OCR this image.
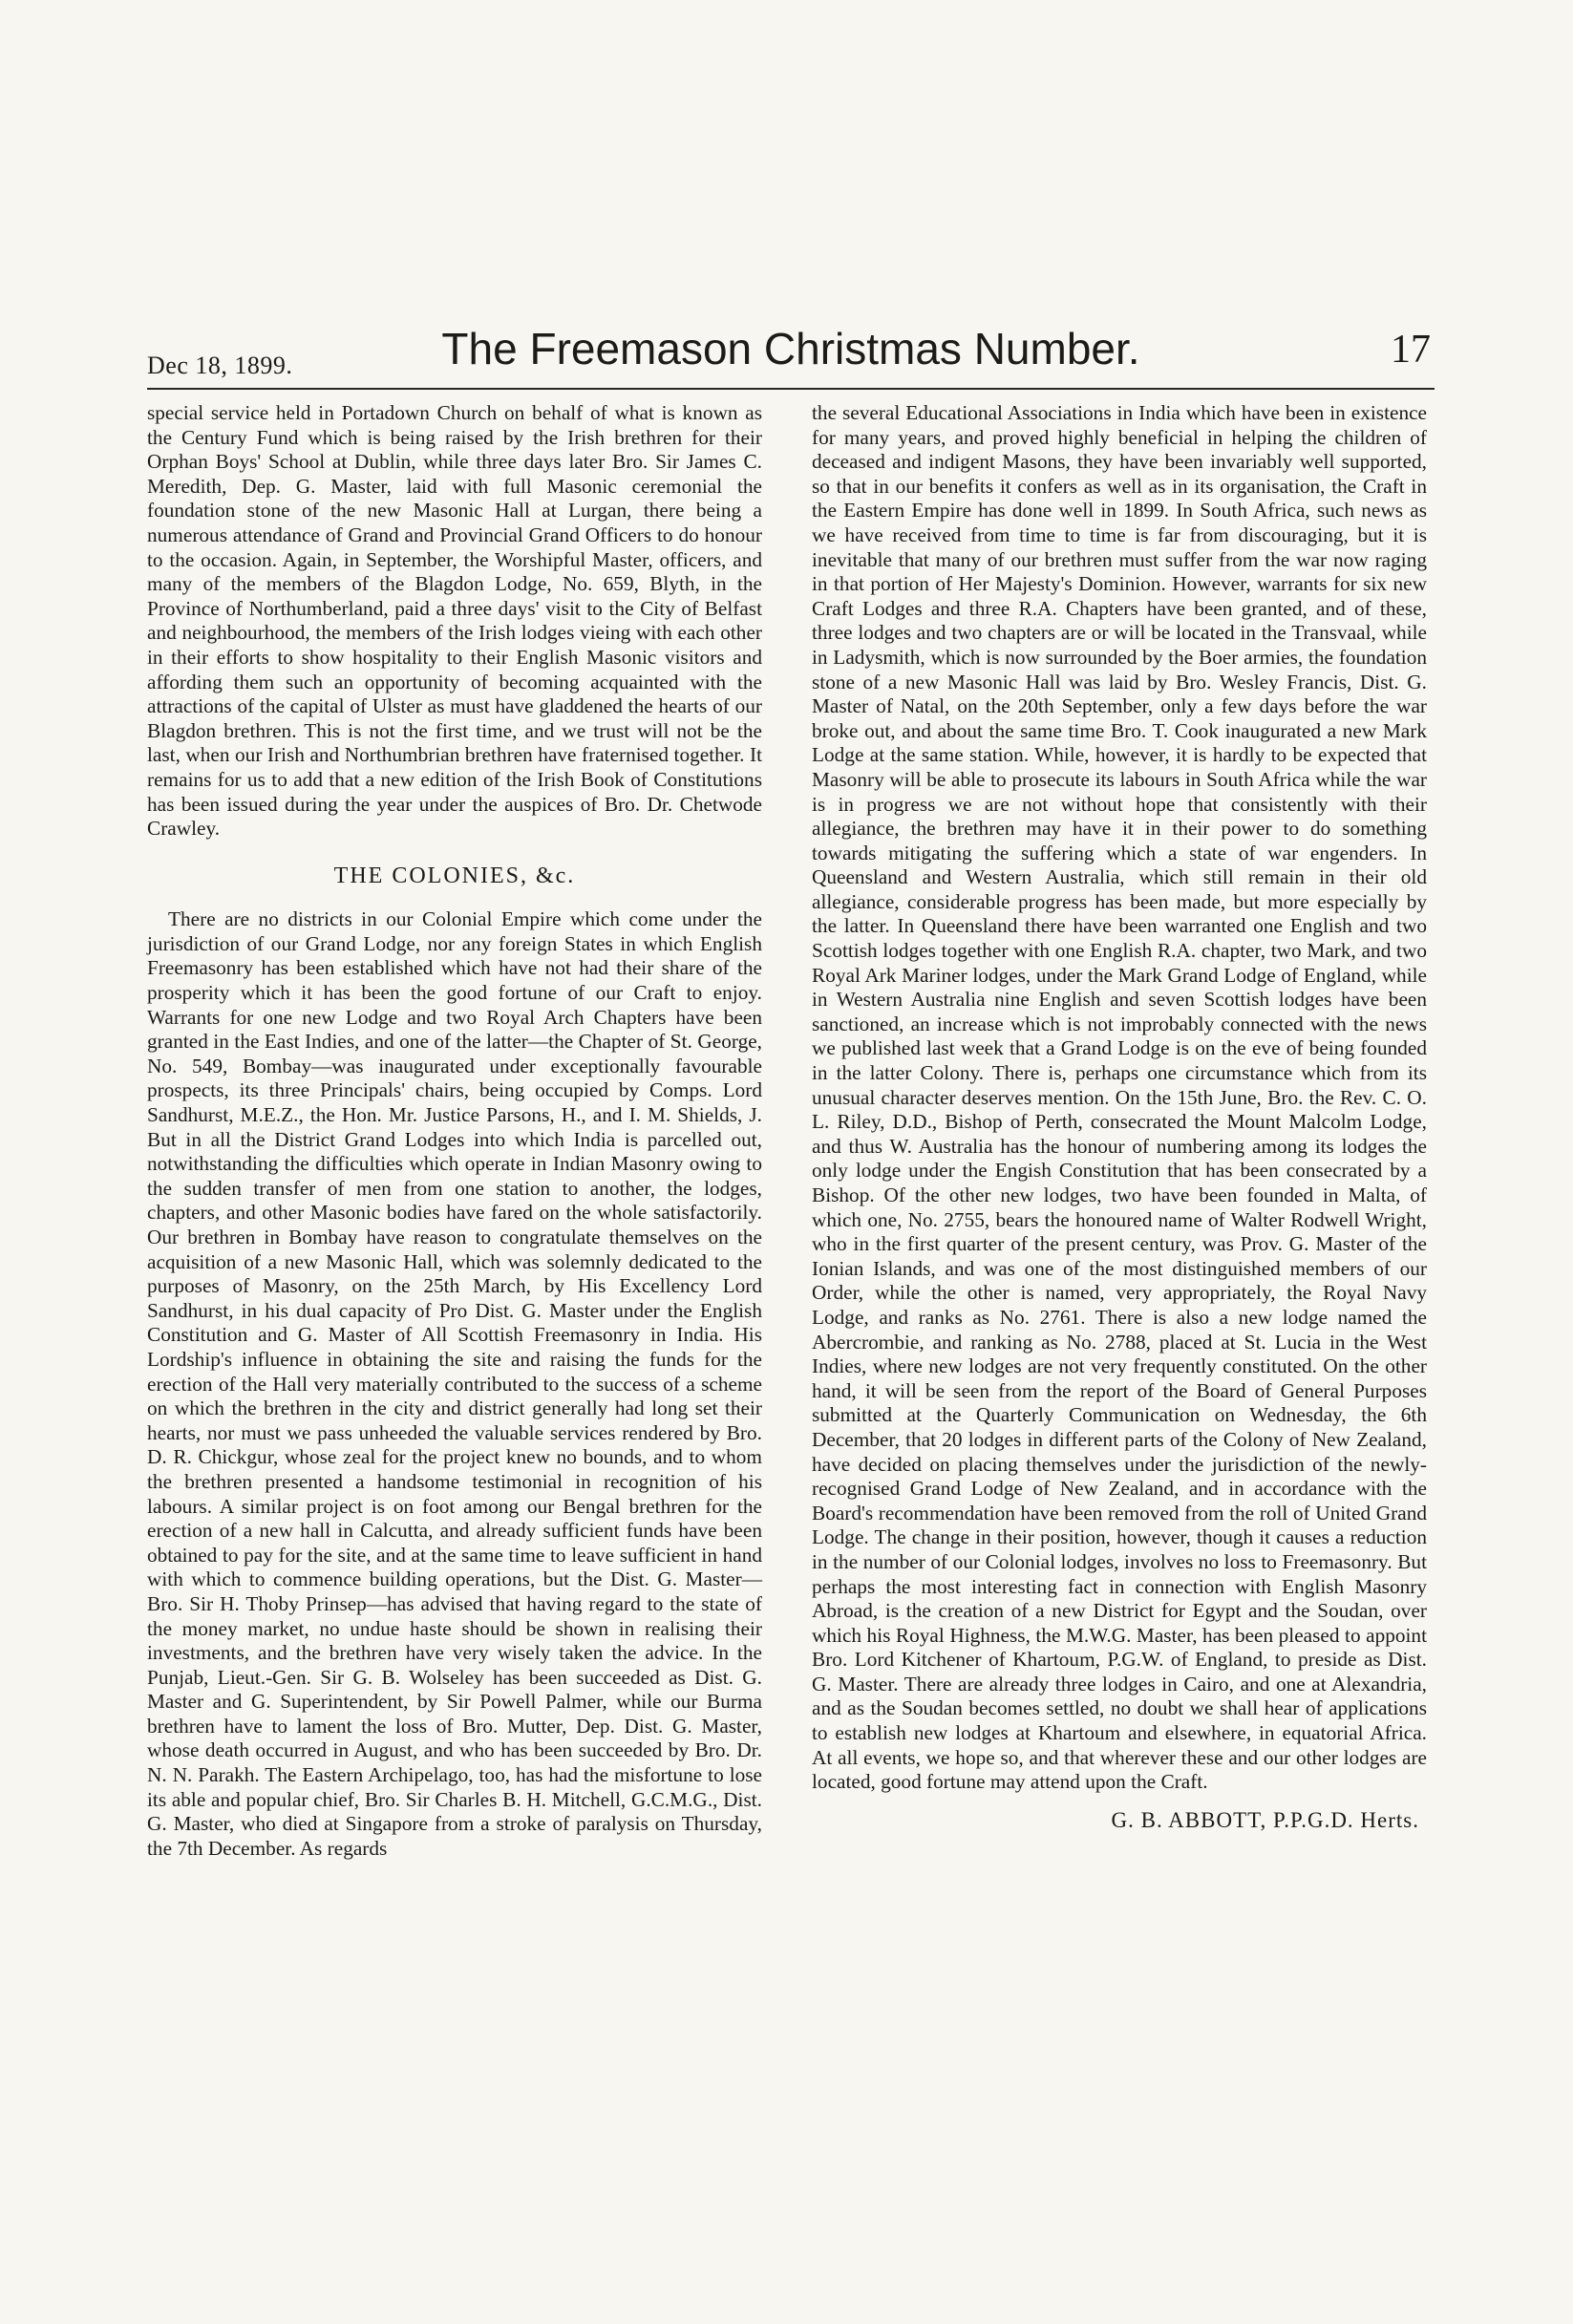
Dec 18, 1899.	The Freemason Christmas Number.	17

special service held in Portadown Church on behalf of what is known as the Century Fund which is being raised by the Irish brethren for their Orphan Boys' School at Dublin, while three days later Bro. Sir James C. Meredith, Dep. G. Master, laid with full Masonic ceremonial the foundation stone of the new Masonic Hall at Lurgan, there being a numerous attendance of Grand and Provincial Grand Officers to do honour to the occasion. Again, in September, the Worshipful Master, officers, and many of the members of the Blagdon Lodge, No. 659, Blyth, in the Province of Northumberland, paid a three days' visit to the City of Belfast and neighbourhood, the members of the Irish lodges vieing with each other in their efforts to show hospitality to their English Masonic visitors and affording them such an opportunity of becoming acquainted with the attractions of the capital of Ulster as must have gladdened the hearts of our Blagdon brethren. This is not the first time, and we trust will not be the last, when our Irish and Northumbrian brethren have fraternised together. It remains for us to add that a new edition of the Irish Book of Constitutions has been issued during the year under the auspices of Bro. Dr. Chetwode Crawley.

THE COLONIES, &c.

There are no districts in our Colonial Empire which come under the jurisdiction of our Grand Lodge, nor any foreign States in which English Freemasonry has been established which have not had their share of the prosperity which it has been the good fortune of our Craft to enjoy. Warrants for one new Lodge and two Royal Arch Chapters have been granted in the East Indies, and one of the latter—the Chapter of St. George, No. 549, Bombay—was inaugurated under exceptionally favourable prospects, its three Principals' chairs, being occupied by Comps. Lord Sandhurst, M.E.Z., the Hon. Mr. Justice Parsons, H., and I. M. Shields, J. But in all the District Grand Lodges into which India is parcelled out, notwithstanding the difficulties which operate in Indian Masonry owing to the sudden transfer of men from one station to another, the lodges, chapters, and other Masonic bodies have fared on the whole satisfactorily. Our brethren in Bombay have reason to congratulate themselves on the acquisition of a new Masonic Hall, which was solemnly dedicated to the purposes of Masonry, on the 25th March, by His Excellency Lord Sandhurst, in his dual capacity of Pro Dist. G. Master under the English Constitution and G. Master of All Scottish Freemasonry in India. His Lordship's influence in obtaining the site and raising the funds for the erection of the Hall very materially contributed to the success of a scheme on which the brethren in the city and district generally had long set their hearts, nor must we pass unheeded the valuable services rendered by Bro. D. R. Chickgur, whose zeal for the project knew no bounds, and to whom the brethren presented a handsome testimonial in recognition of his labours. A similar project is on foot among our Bengal brethren for the erection of a new hall in Calcutta, and already sufficient funds have been obtained to pay for the site, and at the same time to leave sufficient in hand with which to commence building operations, but the Dist. G. Master—Bro. Sir H. Thoby Prinsep—has advised that having regard to the state of the money market, no undue haste should be shown in realising their investments, and the brethren have very wisely taken the advice. In the Punjab, Lieut.-Gen. Sir G. B. Wolseley has been succeeded as Dist. G. Master and G. Superintendent, by Sir Powell Palmer, while our Burma brethren have to lament the loss of Bro. Mutter, Dep. Dist. G. Master, whose death occurred in August, and who has been succeeded by Bro. Dr. N. N. Parakh. The Eastern Archipelago, too, has had the misfortune to lose its able and popular chief, Bro. Sir Charles B. H. Mitchell, G.C.M.G., Dist. G. Master, who died at Singapore from a stroke of paralysis on Thursday, the 7th December. As regards

the several Educational Associations in India which have been in existence for many years, and proved highly beneficial in helping the children of deceased and indigent Masons, they have been invariably well supported, so that in our benefits it confers as well as in its organisation, the Craft in the Eastern Empire has done well in 1899. In South Africa, such news as we have received from time to time is far from discouraging, but it is inevitable that many of our brethren must suffer from the war now raging in that portion of Her Majesty's Dominion. However, warrants for six new Craft Lodges and three R.A. Chapters have been granted, and of these, three lodges and two chapters are or will be located in the Transvaal, while in Ladysmith, which is now surrounded by the Boer armies, the foundation stone of a new Masonic Hall was laid by Bro. Wesley Francis, Dist. G. Master of Natal, on the 20th September, only a few days before the war broke out, and about the same time Bro. T. Cook inaugurated a new Mark Lodge at the same station. While, however, it is hardly to be expected that Masonry will be able to prosecute its labours in South Africa while the war is in progress we are not without hope that consistently with their allegiance, the brethren may have it in their power to do something towards mitigating the suffering which a state of war engenders. In Queensland and Western Australia, which still remain in their old allegiance, considerable progress has been made, but more especially by the latter. In Queensland there have been warranted one English and two Scottish lodges together with one English R.A. chapter, two Mark, and two Royal Ark Mariner lodges, under the Mark Grand Lodge of England, while in Western Australia nine English and seven Scottish lodges have been sanctioned, an increase which is not improbably connected with the news we published last week that a Grand Lodge is on the eve of being founded in the latter Colony. There is, perhaps one circumstance which from its unusual character deserves mention. On the 15th June, Bro. the Rev. C. O. L. Riley, D.D., Bishop of Perth, consecrated the Mount Malcolm Lodge, and thus W. Australia has the honour of numbering among its lodges the only lodge under the Engish Constitution that has been consecrated by a Bishop. Of the other new lodges, two have been founded in Malta, of which one, No. 2755, bears the honoured name of Walter Rodwell Wright, who in the first quarter of the present century, was Prov. G. Master of the Ionian Islands, and was one of the most distinguished members of our Order, while the other is named, very appropriately, the Royal Navy Lodge, and ranks as No. 2761. There is also a new lodge named the Abercrombie, and ranking as No. 2788, placed at St. Lucia in the West Indies, where new lodges are not very frequently constituted. On the other hand, it will be seen from the report of the Board of General Purposes submitted at the Quarterly Communication on Wednesday, the 6th December, that 20 lodges in different parts of the Colony of New Zealand, have decided on placing themselves under the jurisdiction of the newly-recognised Grand Lodge of New Zealand, and in accordance with the Board's recommendation have been removed from the roll of United Grand Lodge. The change in their position, however, though it causes a reduction in the number of our Colonial lodges, involves no loss to Freemasonry. But perhaps the most interesting fact in connection with English Masonry Abroad, is the creation of a new District for Egypt and the Soudan, over which his Royal Highness, the M.W.G. Master, has been pleased to appoint Bro. Lord Kitchener of Khartoum, P.G.W. of England, to preside as Dist. G. Master. There are already three lodges in Cairo, and one at Alexandria, and as the Soudan becomes settled, no doubt we shall hear of applications to establish new lodges at Khartoum and elsewhere, in equatorial Africa. At all events, we hope so, and that wherever these and our other lodges are located, good fortune may attend upon the Craft.

G. B. ABBOTT, P.P.G.D. Herts.
